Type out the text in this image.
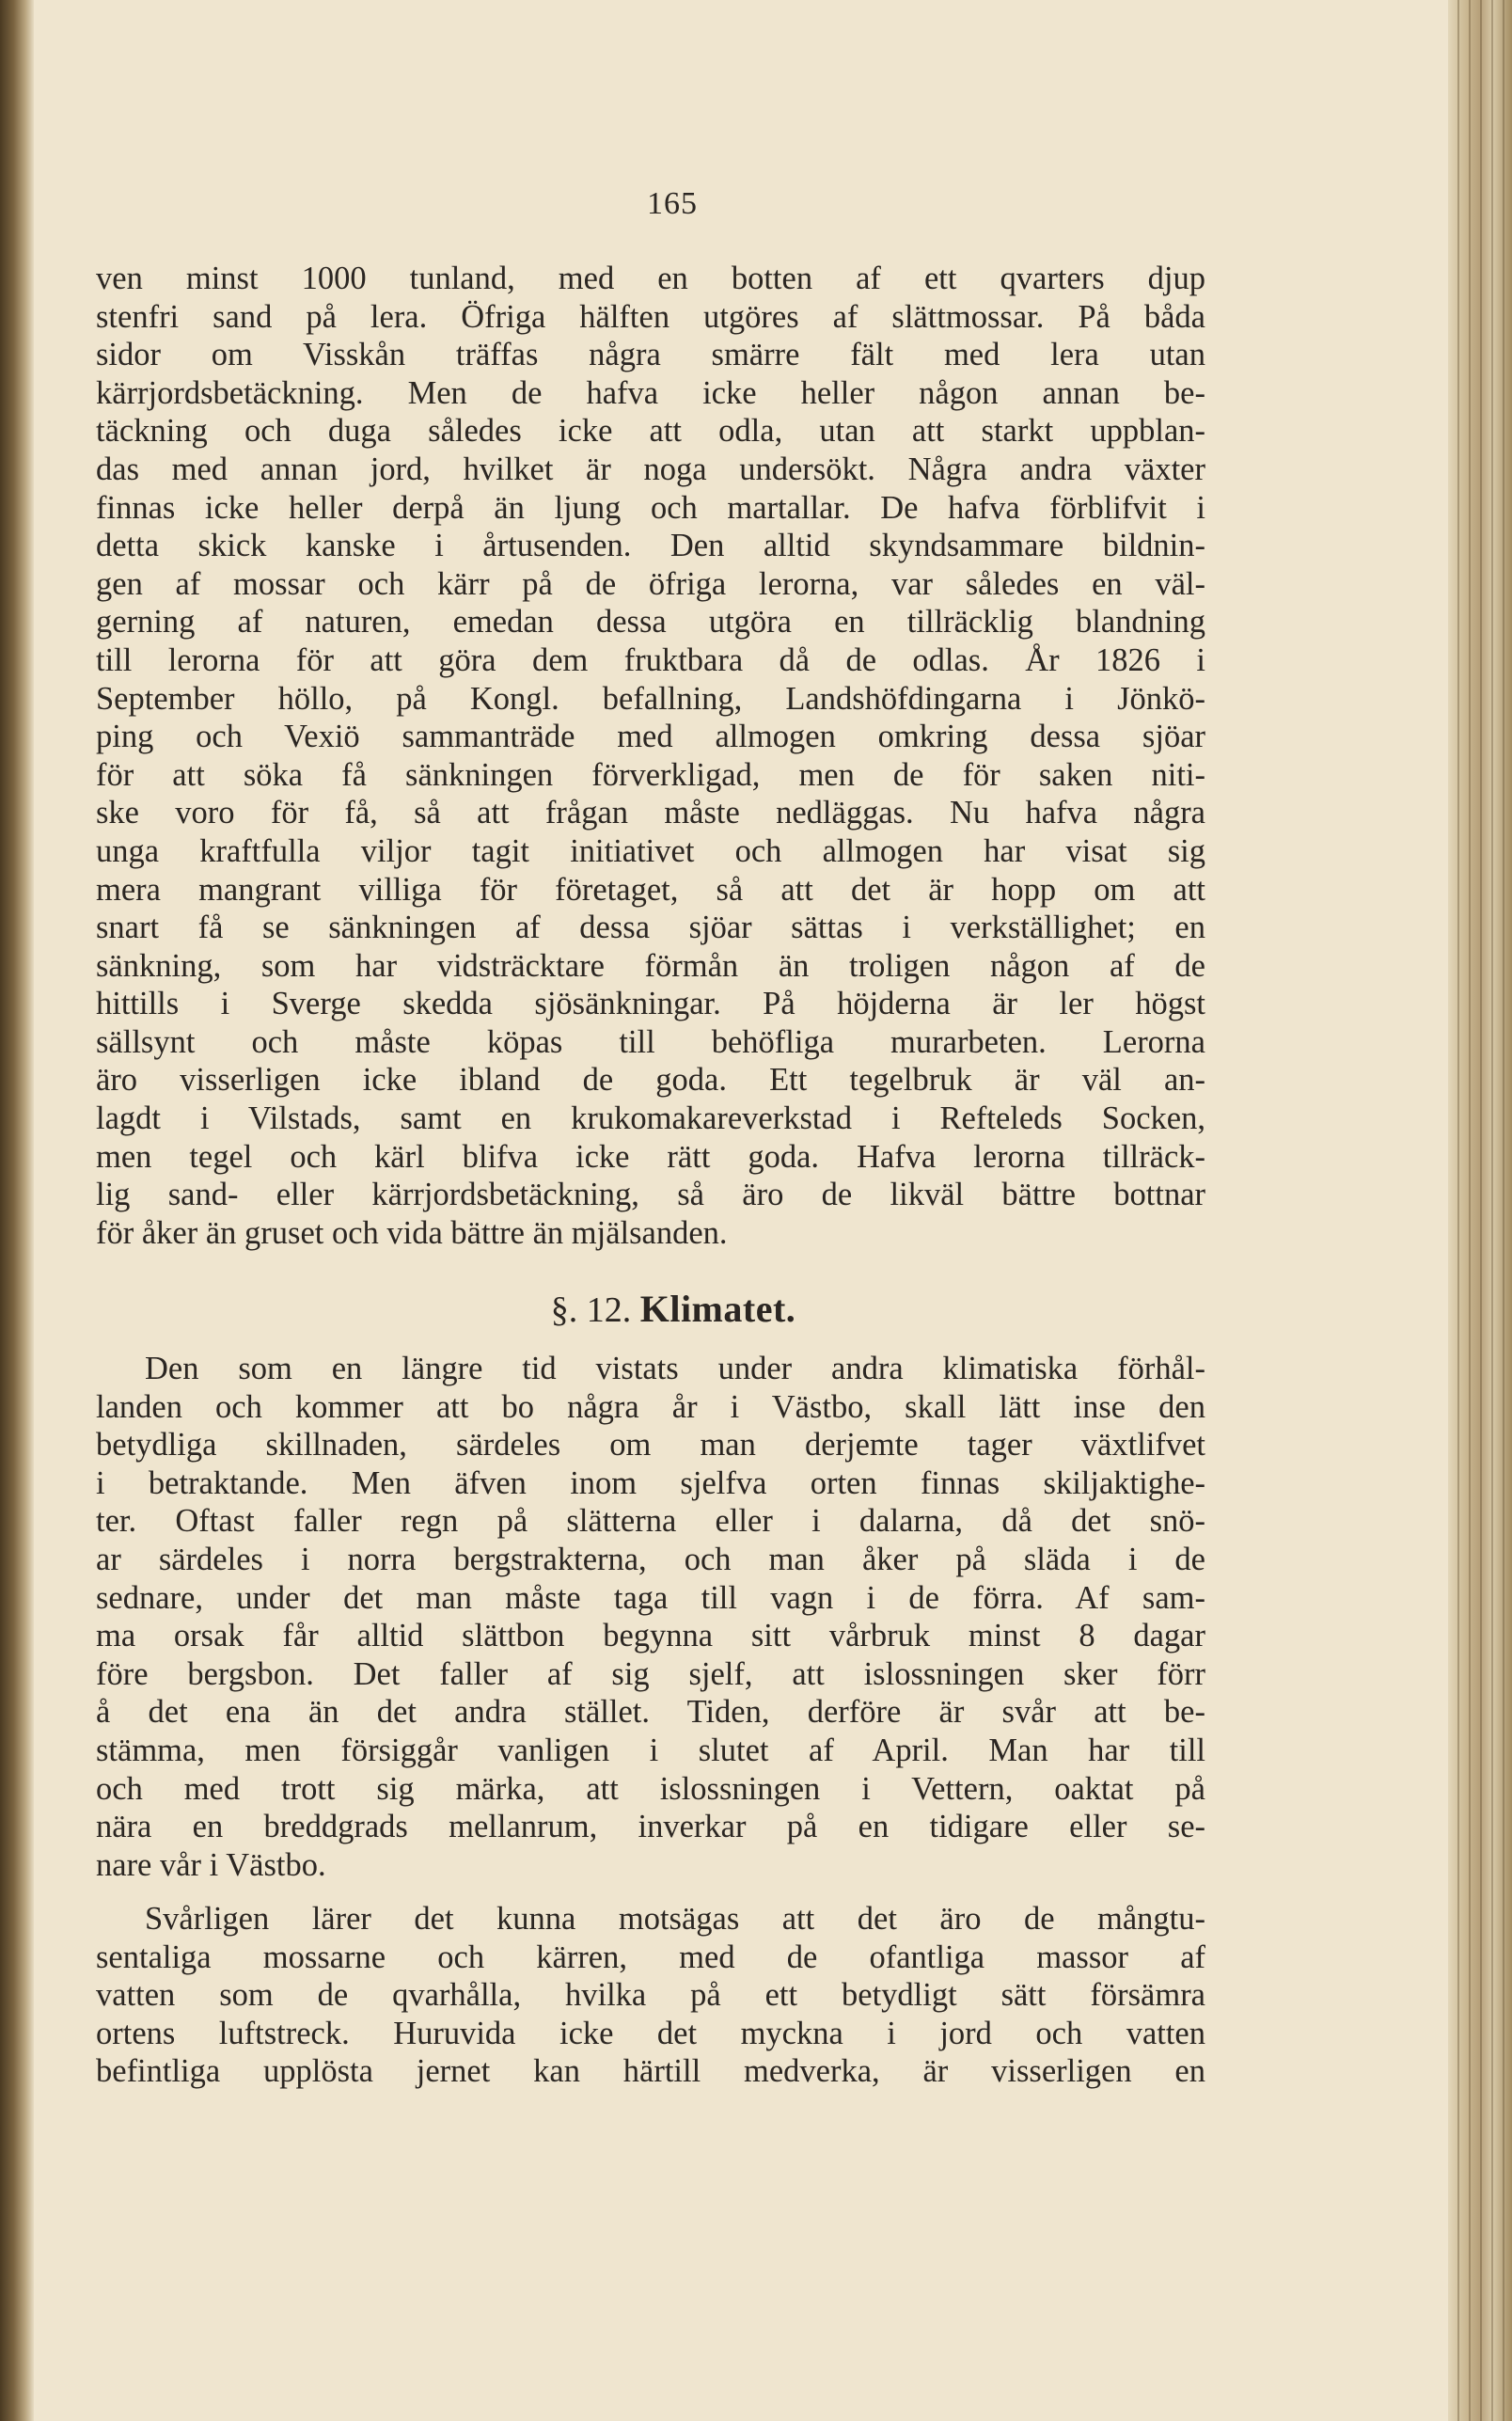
165
ven minst 1000 tunland, med en botten af ett qvarters djup
stenfri sand på lera. Öfriga hälften utgöres af slättmossar. På båda
sidor om Visskån träffas några smärre fält med lera utan
kärrjordsbetäckning. Men de hafva icke heller någon annan be-
täckning och duga således icke att odla, utan att starkt uppblan-
das med annan jord, hvilket är noga undersökt. Några andra växter
finnas icke heller derpå än ljung och martallar. De hafva förblifvit i
detta skick kanske i årtusenden. Den alltid skyndsammare bildnin-
gen af mossar och kärr på de öfriga lerorna, var således en väl-
gerning af naturen, emedan dessa utgöra en tillräcklig blandning
till lerorna för att göra dem fruktbara då de odlas. År 1826 i
September höllo, på Kongl. befallning, Landshöfdingarna i Jönkö-
ping och Vexiö sammanträde med allmogen omkring dessa sjöar
för att söka få sänkningen förverkligad, men de för saken niti-
ske voro för få, så att frågan måste nedläggas. Nu hafva några
unga kraftfulla viljor tagit initiativet och allmogen har visat sig
mera mangrant villiga för företaget, så att det är hopp om att
snart få se sänkningen af dessa sjöar sättas i verkställighet; en
sänkning, som har vidsträcktare förmån än troligen någon af de
hittills i Sverge skedda sjösänkningar. På höjderna är ler högst
sällsynt och måste köpas till behöfliga murarbeten. Lerorna
äro visserligen icke ibland de goda. Ett tegelbruk är väl an-
lagdt i Vilstads, samt en krukomakareverkstad i Refteleds Socken,
men tegel och kärl blifva icke rätt goda. Hafva lerorna tillräck-
lig sand- eller kärrjordsbetäckning, så äro de likväl bättre bottnar
för åker än gruset och vida bättre än mjälsanden.
§. 12. Klimatet.
Den som en längre tid vistats under andra klimatiska förhål-
landen och kommer att bo några år i Västbo, skall lätt inse den
betydliga skillnaden, särdeles om man derjemte tager växtlifvet
i betraktande. Men äfven inom sjelfva orten finnas skiljaktighe-
ter. Oftast faller regn på slätterna eller i dalarna, då det snö-
ar särdeles i norra bergstrakterna, och man åker på släda i de
sednare, under det man måste taga till vagn i de förra. Af sam-
ma orsak får alltid slättbon begynna sitt vårbruk minst 8 dagar
före bergsbon. Det faller af sig sjelf, att islossningen sker förr
å det ena än det andra stället. Tiden, derföre är svår att be-
stämma, men försiggår vanligen i slutet af April. Man har till
och med trott sig märka, att islossningen i Vettern, oaktat på
nära en breddgrads mellanrum, inverkar på en tidigare eller se-
nare vår i Västbo.
Svårligen lärer det kunna motsägas att det äro de mångtu-
sentaliga mossarne och kärren, med de ofantliga massor af
vatten som de qvarhålla, hvilka på ett betydligt sätt försämra
ortens luftstreck. Huruvida icke det myckna i jord och vatten
befintliga upplösta jernet kan härtill medverka, är visserligen en
